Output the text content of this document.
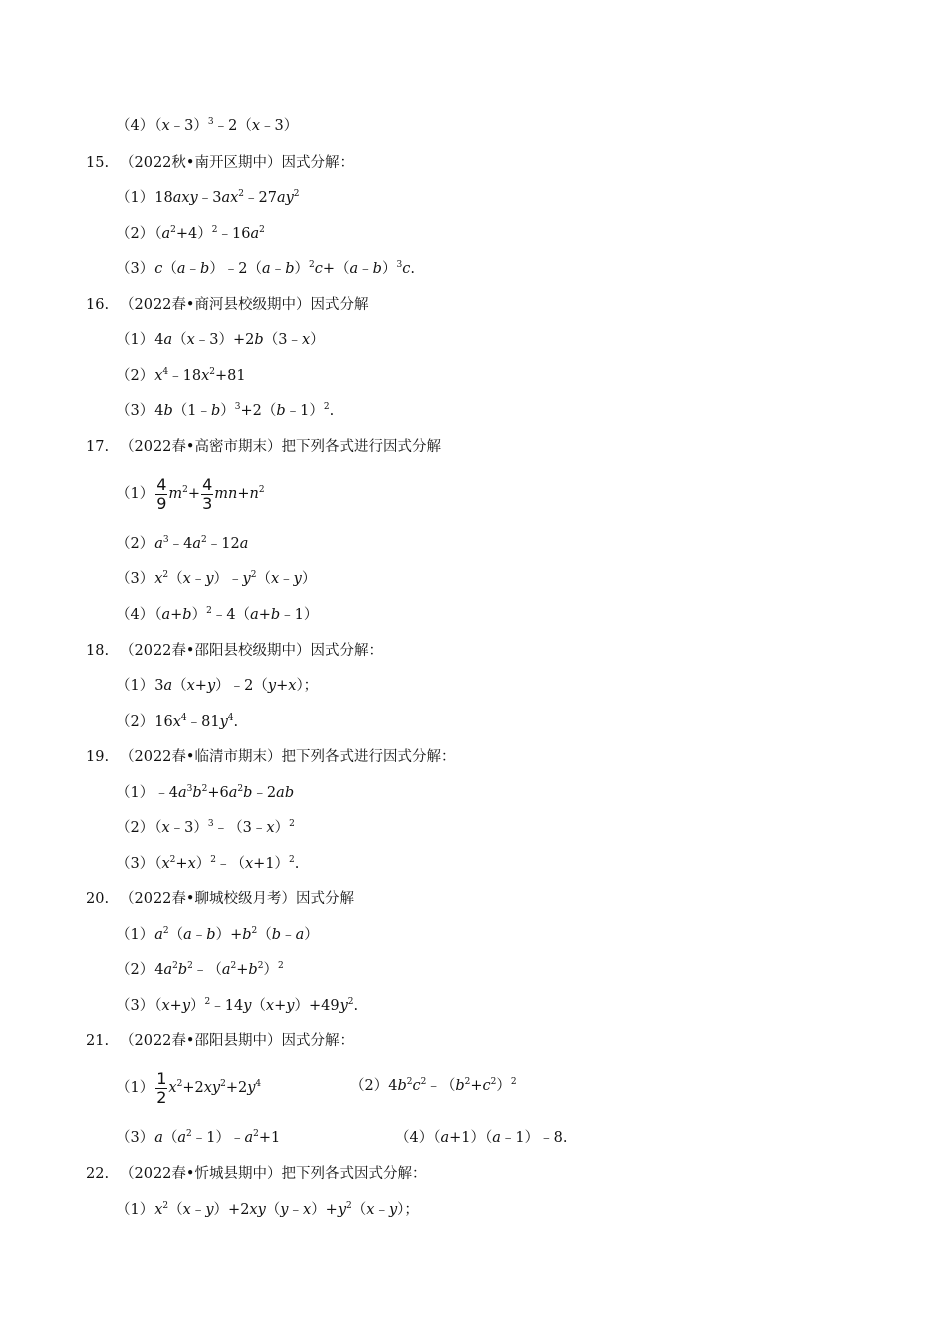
（4）（x﹣3）$^3$﹣2（x﹣3）
15. （2022秋•南开区期中）因式分解：
$(1)18axy﹣3ax^2﹣27ay^2$
$(2)(a^2+4)^2﹣16a^2$
（3）c（a﹣b）﹣2（a﹣b）$^2$c+（a﹣b）$^3$c.
16. （2022春•商河县校级期中）因式分解
（1）4a（x﹣3）+2b（3﹣x）
$(2)x^4﹣18x^2+81$
（3）4b（1﹣b）$^3$+2（b﹣1）$^2$.
17. （2022春•高密市期末）把下列各式进行因式分解
$(1) \frac{4}{9} m^2+ \frac{4}{3} mn+n^2$
$(2)a^3﹣4a^2﹣12a$
$(3)x^2(x﹣y)﹣y^2(x﹣y)$
$(4)(a+b)^2﹣4(a+b﹣1)$
18. （2022春•邵阳县校级期中）因式分解：
（1）3a（x+y）﹣2（y+x）；
$(2)16x^4﹣81y^4$.
19. （2022春•临清市期末）把下列各式进行因式分解：
$(1)﹣4a^3b^2+6a^2b﹣2ab$
（2）（x﹣3）$^3$﹣（3﹣x）$^2$
$(3)(x^2+x)^2﹣(x+1)^2$.
20. （2022春•聊城校级月考）因式分解
$(1)a^2(a﹣b)+b^2(b﹣a)$
$(2)4a^2b^2﹣(a^2+b^2)^2$
$(3)(x+y)^2﹣14y(x+y)+49y^2$.
21. （2022春•邵阳县期中）因式分解：
$(1) \frac{1}{2} x^2+2xy^2+2y^4$	$(2)4b^2c^2﹣(b^2+c^2)^2$
$(3)a(a^2﹣1)﹣a^2+1$	（4）（a+1）（a﹣1）﹣8.
22. （2022春•忻城县期中）把下列各式因式分解：
$(1)x^2(x﹣y)+2xy(y﹣x)+y^2(x﹣y)$；
